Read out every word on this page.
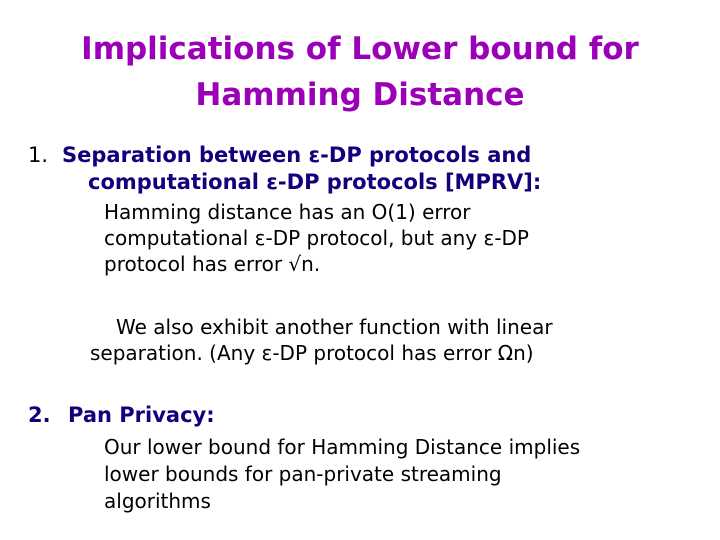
Implications of Lower bound for
Hamming Distance
1. Separation between ε-DP protocols and
computational ε-DP protocols [MPRV]:
Hamming distance has an O(1) error
computational ε-DP protocol, but any ε-DP
protocol has error √n.
We also exhibit another function with linear
separation. (Any ε-DP protocol has error Ωn)
2. Pan Privacy:
Our lower bound for Hamming Distance implies
lower bounds for pan-private streaming
algorithms
